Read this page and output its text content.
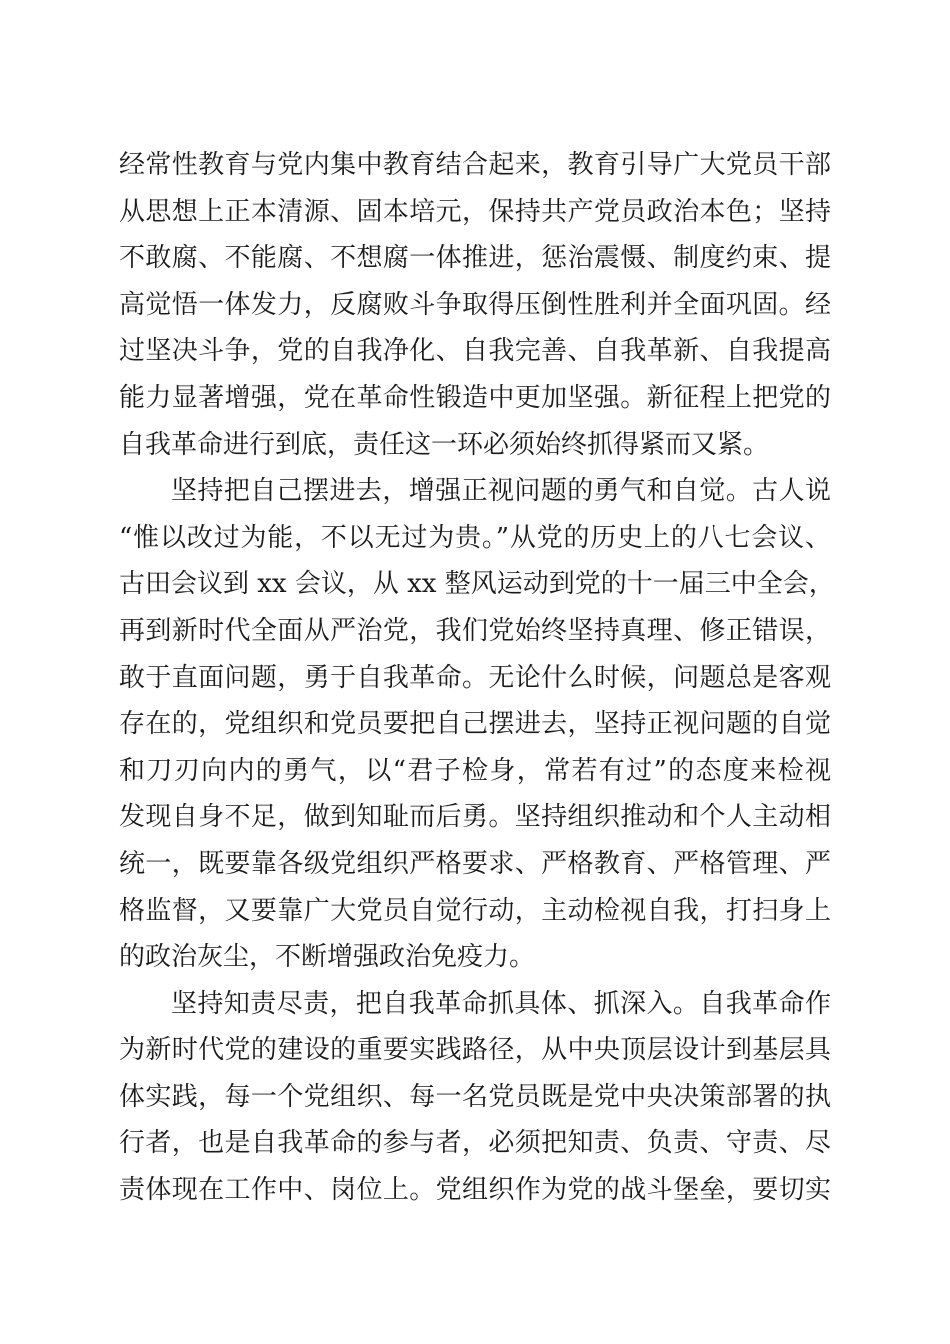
经常性教育与党内集中教育结合起来，教育引导广大党员干部
从思想上正本清源、固本培元，保持共产党员政治本色；坚持
不敢腐、不能腐、不想腐一体推进，惩治震慑、制度约束、提
高觉悟一体发力，反腐败斗争取得压倒性胜利并全面巩固。经
过坚决斗争，党的自我净化、自我完善、自我革新、自我提高
能力显著增强，党在革命性锻造中更加坚强。新征程上把党的
自我革命进行到底，责任这一环必须始终抓得紧而又紧。
坚持把自己摆进去，增强正视问题的勇气和自觉。古人说
“惟以改过为能，不以无过为贵。”从党的历史上的八七会议、
古田会议到 xx 会议，从 xx 整风运动到党的十一届三中全会，
再到新时代全面从严治党，我们党始终坚持真理、修正错误，
敢于直面问题，勇于自我革命。无论什么时候，问题总是客观
存在的，党组织和党员要把自己摆进去，坚持正视问题的自觉
和刀刃向内的勇气，以“君子检身，常若有过”的态度来检视
发现自身不足，做到知耻而后勇。坚持组织推动和个人主动相
统一，既要靠各级党组织严格要求、严格教育、严格管理、严
格监督，又要靠广大党员自觉行动，主动检视自我，打扫身上
的政治灰尘，不断增强政治免疫力。
坚持知责尽责，把自我革命抓具体、抓深入。自我革命作
为新时代党的建设的重要实践路径，从中央顶层设计到基层具
体实践，每一个党组织、每一名党员既是党中央决策部署的执
行者，也是自我革命的参与者，必须把知责、负责、守责、尽
责体现在工作中、岗位上。党组织作为党的战斗堡垒，要切实
